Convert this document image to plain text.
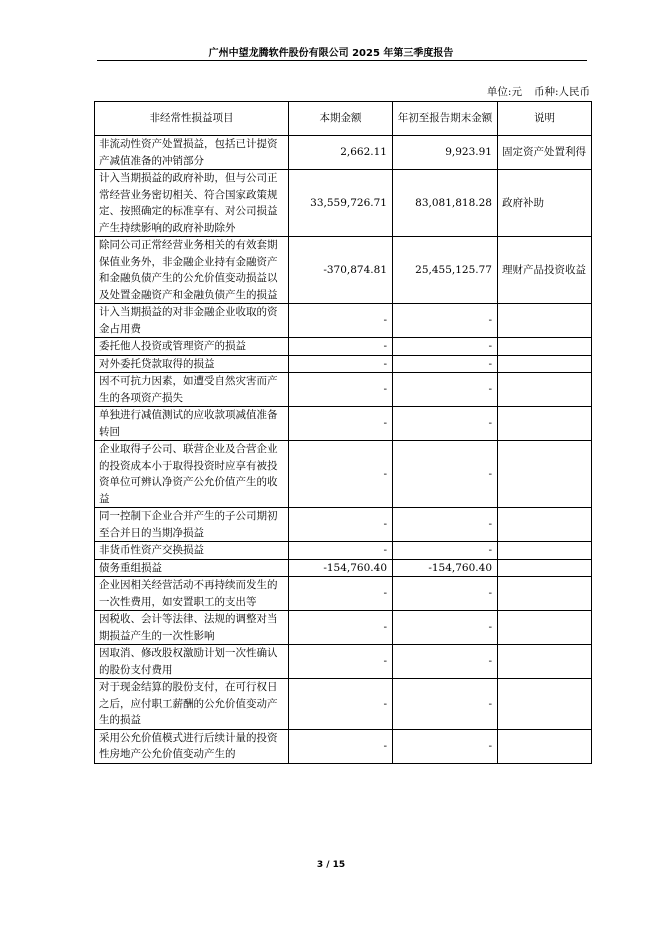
广州中望龙腾软件股份有限公司 2025 年第三季度报告
单位:元 币种:人民币
非经常性损益项目	本期金额	年初至报告期末金额	说明
非流动性资产处置损益，包括已计提资产减值准备的冲销部分	2,662.11	9,923.91	固定资产处置利得
计入当期损益的政府补助，但与公司正常经营业务密切相关、符合国家政策规定、按照确定的标准享有、对公司损益产生持续影响的政府补助除外	33,559,726.71	83,081,818.28	政府补助
除同公司正常经营业务相关的有效套期保值业务外，非金融企业持有金融资产和金融负债产生的公允价值变动损益以及处置金融资产和金融负债产生的损益	-370,874.81	25,455,125.77	理财产品投资收益
计入当期损益的对非金融企业收取的资金占用费	-	-	
委托他人投资或管理资产的损益	-	-	
对外委托贷款取得的损益	-	-	
因不可抗力因素，如遭受自然灾害而产生的各项资产损失	-	-	
单独进行减值测试的应收款项减值准备转回	-	-	
企业取得子公司、联营企业及合营企业的投资成本小于取得投资时应享有被投资单位可辨认净资产公允价值产生的收益	-	-	
同一控制下企业合并产生的子公司期初至合并日的当期净损益	-	-	
非货币性资产交换损益	-	-	
债务重组损益	-154,760.40	-154,760.40	
企业因相关经营活动不再持续而发生的一次性费用，如安置职工的支出等	-	-	
因税收、会计等法律、法规的调整对当期损益产生的一次性影响	-	-	
因取消、修改股权激励计划一次性确认的股份支付费用	-	-	
对于现金结算的股份支付，在可行权日之后，应付职工薪酬的公允价值变动产生的损益	-	-	
采用公允价值模式进行后续计量的投资性房地产公允价值变动产生的	-	-	
3 / 15
